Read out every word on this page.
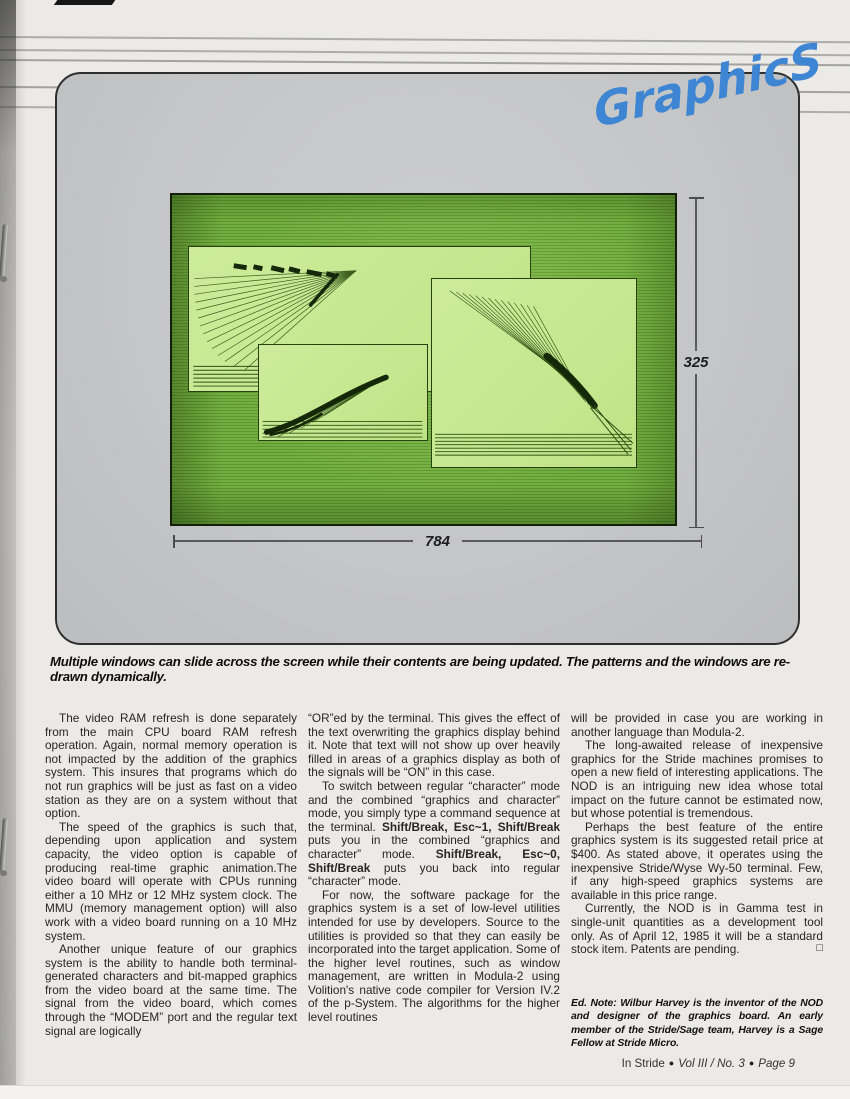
325
784
GraphicS
Multiple windows can slide across the screen while their contents are being updated. The patterns and the windows are re-drawn dynamically.

The video RAM refresh is done separately from the main CPU board RAM refresh operation. Again, normal memory operation is not impacted by the addition of the graphics system. This insures that programs which do not run graphics will be just as fast on a video station as they are on a system without that option.

The speed of the graphics is such that, depending upon application and system capacity, the video option is capable of producing real-time graphic animation.The video board will operate with CPUs running either a 10 MHz or 12 MHz system clock. The MMU (memory management option) will also work with a video board running on a 10 MHz system.

Another unique feature of our graphics system is the ability to handle both terminal-generated characters and bit-mapped graphics from the video board at the same time. The signal from the video board, which comes through the “MODEM” port and the regular text signal are logically

“OR”ed by the terminal. This gives the effect of the text overwriting the graphics display behind it. Note that text will not show up over heavily filled in areas of a graphics display as both of the signals will be “ON” in this case.

To switch between regular “character” mode and the combined “graphics and character” mode, you simply type a command sequence at the terminal. Shift/Break, Esc~1, Shift/Break puts you in the combined “graphics and character” mode. Shift/Break, Esc~0, Shift/Break puts you back into regular “character” mode.

For now, the software package for the graphics system is a set of low-level utilities intended for use by developers. Source to the utilities is provided so that they can easily be incorporated into the target application. Some of the higher level routines, such as window management, are written in Modula-2 using Volition's native code compiler for Version IV.2 of the p-System. The algorithms for the higher level routines

will be provided in case you are working in another language than Modula-2.

The long-awaited release of inexpensive graphics for the Stride machines promises to open a new field of interesting applications. The NOD is an intriguing new idea whose total impact on the future cannot be estimated now, but whose potential is tremendous.

Perhaps the best feature of the entire graphics system is its suggested retail price at $400. As stated above, it operates using the inexpensive Stride/Wyse Wy-50 terminal. Few, if any high-speed graphics systems are available in this price range.

Currently, the NOD is in Gamma test in single-unit quantities as a development tool only. As of April 12, 1985 it will be a standard stock item. Patents are pending.	□

Ed. Note: Wilbur Harvey is the inventor of the NOD and designer of the graphics board. An early member of the Stride/Sage team, Harvey is a Sage Fellow at Stride Micro.
In Stride ● Vol III / No. 3 ● Page 9
